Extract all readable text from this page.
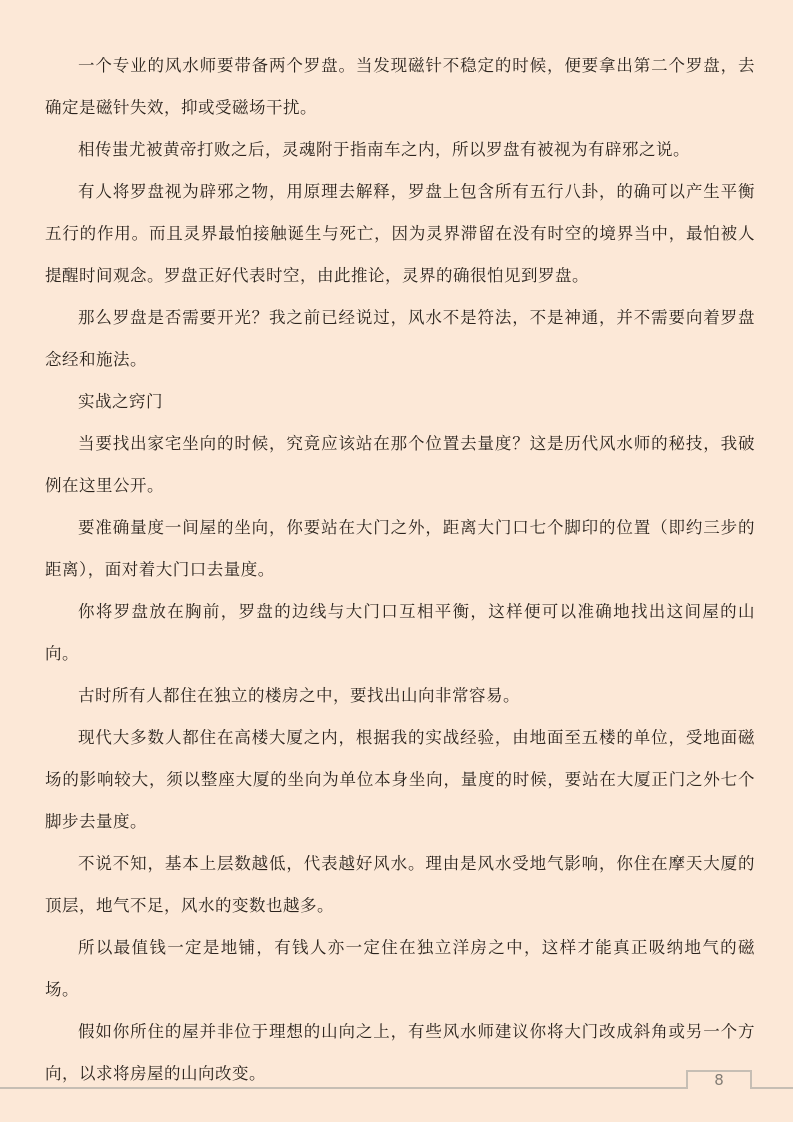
一个专业的风水师要带备两个罗盘。当发现磁针不稳定的时候，便要拿出第二个罗盘，去确定是磁针失效，抑或受磁场干扰。

相传蚩尤被黄帝打败之后，灵魂附于指南车之内，所以罗盘有被视为有辟邪之说。

有人将罗盘视为辟邪之物，用原理去解释，罗盘上包含所有五行八卦，的确可以产生平衡五行的作用。而且灵界最怕接触诞生与死亡，因为灵界滞留在没有时空的境界当中，最怕被人提醒时间观念。罗盘正好代表时空，由此推论，灵界的确很怕见到罗盘。

那么罗盘是否需要开光？我之前已经说过，风水不是符法，不是神通，并不需要向着罗盘念经和施法。

实战之窍门

当要找出家宅坐向的时候，究竟应该站在那个位置去量度？这是历代风水师的秘技，我破例在这里公开。

要准确量度一间屋的坐向，你要站在大门之外，距离大门口七个脚印的位置（即约三步的距离），面对着大门口去量度。

你将罗盘放在胸前，罗盘的边线与大门口互相平衡，这样便可以准确地找出这间屋的山向。

古时所有人都住在独立的楼房之中，要找出山向非常容易。

现代大多数人都住在高楼大厦之内，根据我的实战经验，由地面至五楼的单位，受地面磁场的影响较大，须以整座大厦的坐向为单位本身坐向，量度的时候，要站在大厦正门之外七个脚步去量度。

不说不知，基本上层数越低，代表越好风水。理由是风水受地气影响，你住在摩天大厦的顶层，地气不足，风水的变数也越多。

所以最值钱一定是地铺，有钱人亦一定住在独立洋房之中，这样才能真正吸纳地气的磁场。

假如你所住的屋并非位于理想的山向之上，有些风水师建议你将大门改成斜角或另一个方向，以求将房屋的山向改变。	8
